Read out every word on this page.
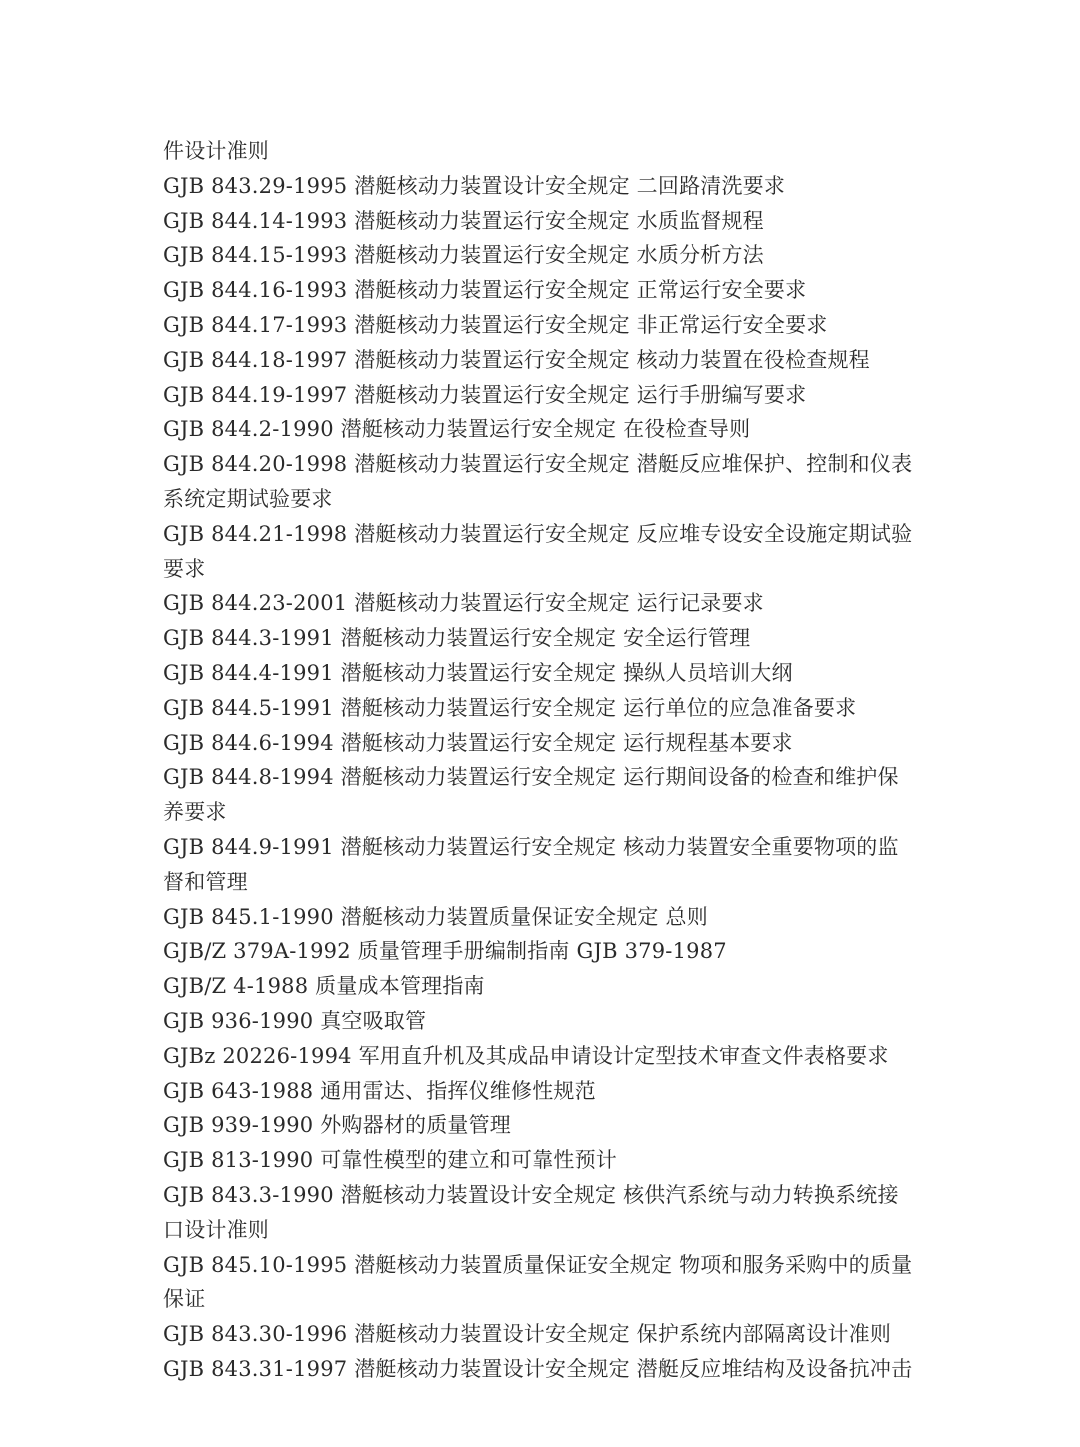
件设计准则

GJB 843.29-1995 潜艇核动力装置设计安全规定 二回路清洗要求

GJB 844.14-1993 潜艇核动力装置运行安全规定 水质监督规程

GJB 844.15-1993 潜艇核动力装置运行安全规定 水质分析方法

GJB 844.16-1993 潜艇核动力装置运行安全规定 正常运行安全要求

GJB 844.17-1993 潜艇核动力装置运行安全规定 非正常运行安全要求

GJB 844.18-1997 潜艇核动力装置运行安全规定 核动力装置在役检查规程

GJB 844.19-1997 潜艇核动力装置运行安全规定 运行手册编写要求

GJB 844.2-1990 潜艇核动力装置运行安全规定 在役检查导则

GJB 844.20-1998 潜艇核动力装置运行安全规定 潜艇反应堆保护、控制和仪表

系统定期试验要求

GJB 844.21-1998 潜艇核动力装置运行安全规定 反应堆专设安全设施定期试验

要求

GJB 844.23-2001 潜艇核动力装置运行安全规定 运行记录要求

GJB 844.3-1991 潜艇核动力装置运行安全规定 安全运行管理

GJB 844.4-1991 潜艇核动力装置运行安全规定 操纵人员培训大纲

GJB 844.5-1991 潜艇核动力装置运行安全规定 运行单位的应急准备要求

GJB 844.6-1994 潜艇核动力装置运行安全规定 运行规程基本要求

GJB 844.8-1994 潜艇核动力装置运行安全规定 运行期间设备的检查和维护保

养要求

GJB 844.9-1991 潜艇核动力装置运行安全规定 核动力装置安全重要物项的监

督和管理

GJB 845.1-1990 潜艇核动力装置质量保证安全规定 总则

GJB/Z 379A-1992 质量管理手册编制指南 GJB 379-1987

GJB/Z 4-1988 质量成本管理指南

GJB 936-1990 真空吸取管

GJBz 20226-1994 军用直升机及其成品申请设计定型技术审查文件表格要求

GJB 643-1988 通用雷达、指挥仪维修性规范

GJB 939-1990 外购器材的质量管理

GJB 813-1990 可靠性模型的建立和可靠性预计

GJB 843.3-1990 潜艇核动力装置设计安全规定 核供汽系统与动力转换系统接

口设计准则

GJB 845.10-1995 潜艇核动力装置质量保证安全规定 物项和服务采购中的质量

保证

GJB 843.30-1996 潜艇核动力装置设计安全规定 保护系统内部隔离设计准则

GJB 843.31-1997 潜艇核动力装置设计安全规定 潜艇反应堆结构及设备抗冲击
